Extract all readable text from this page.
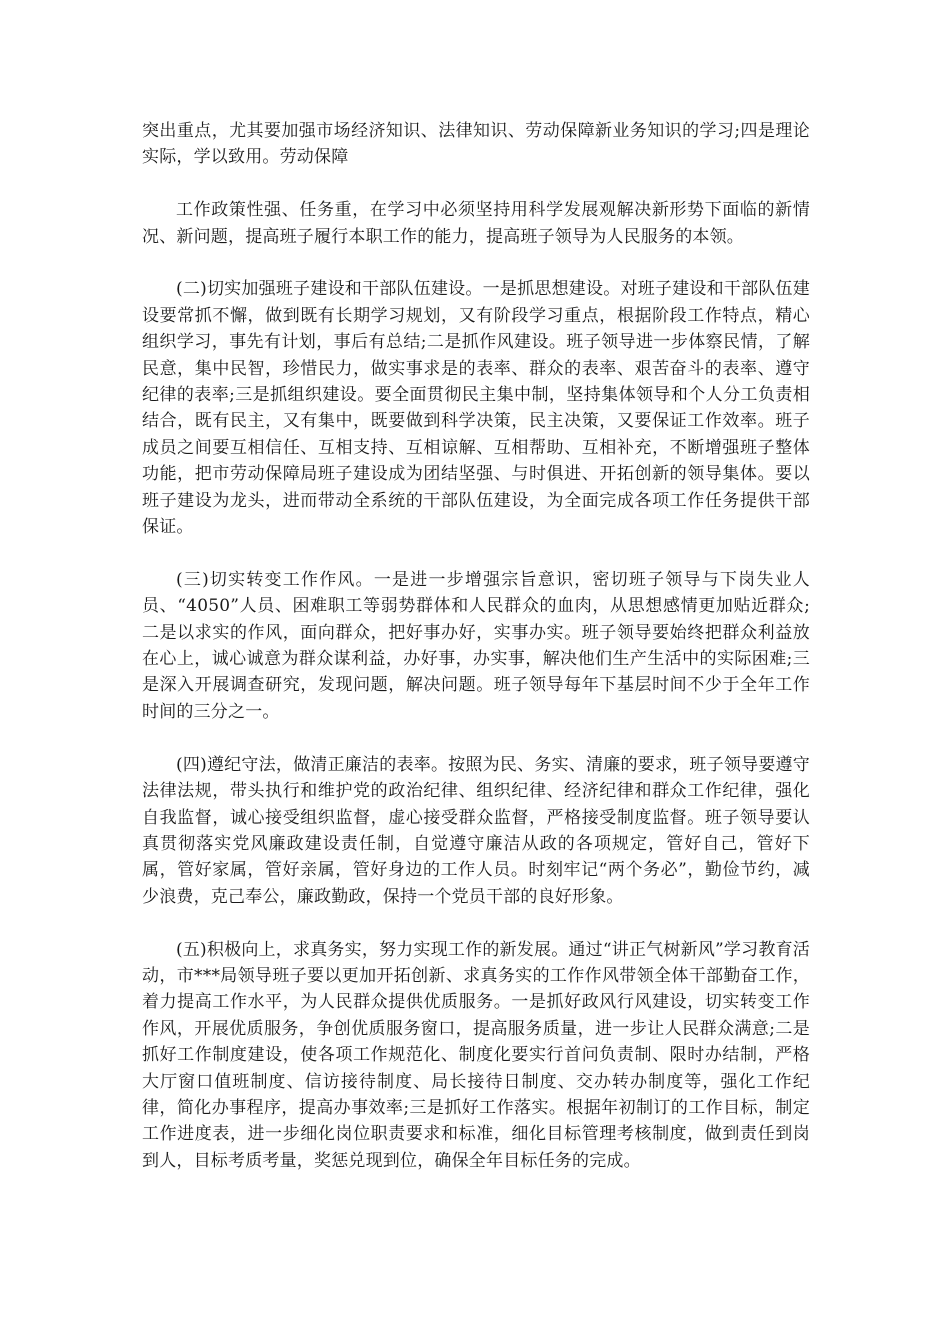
突出重点，尤其要加强市场经济知识、法律知识、劳动保障新业务知识的学习;四是理论实际，学以致用。劳动保障

工作政策性强、任务重，在学习中必须坚持用科学发展观解决新形势下面临的新情况、新问题，提高班子履行本职工作的能力，提高班子领导为人民服务的本领。

(二)切实加强班子建设和干部队伍建设。一是抓思想建设。对班子建设和干部队伍建设要常抓不懈，做到既有长期学习规划，又有阶段学习重点，根据阶段工作特点，精心组织学习，事先有计划，事后有总结;二是抓作风建设。班子领导进一步体察民情，了解民意，集中民智，珍惜民力，做实事求是的表率、群众的表率、艰苦奋斗的表率、遵守纪律的表率;三是抓组织建设。要全面贯彻民主集中制，坚持集体领导和个人分工负责相结合，既有民主，又有集中，既要做到科学决策，民主决策，又要保证工作效率。班子成员之间要互相信任、互相支持、互相谅解、互相帮助、互相补充，不断增强班子整体功能，把市劳动保障局班子建设成为团结坚强、与时俱进、开拓创新的领导集体。要以班子建设为龙头，进而带动全系统的干部队伍建设，为全面完成各项工作任务提供干部保证。

(三)切实转变工作作风。一是进一步增强宗旨意识，密切班子领导与下岗失业人员、“4050”人员、困难职工等弱势群体和人民群众的血肉，从思想感情更加贴近群众;二是以求实的作风，面向群众，把好事办好，实事办实。班子领导要始终把群众利益放在心上，诚心诚意为群众谋利益，办好事，办实事，解决他们生产生活中的实际困难;三是深入开展调查研究，发现问题，解决问题。班子领导每年下基层时间不少于全年工作时间的三分之一。

(四)遵纪守法，做清正廉洁的表率。按照为民、务实、清廉的要求，班子领导要遵守法律法规，带头执行和维护党的政治纪律、组织纪律、经济纪律和群众工作纪律，强化自我监督，诚心接受组织监督，虚心接受群众监督，严格接受制度监督。班子领导要认真贯彻落实党风廉政建设责任制，自觉遵守廉洁从政的各项规定，管好自己，管好下属，管好家属，管好亲属，管好身边的工作人员。时刻牢记“两个务必”，勤俭节约，减少浪费，克己奉公，廉政勤政，保持一个党员干部的良好形象。

(五)积极向上，求真务实，努力实现工作的新发展。通过“讲正气树新风”学习教育活动，市***局领导班子要以更加开拓创新、求真务实的工作作风带领全体干部勤奋工作，着力提高工作水平，为人民群众提供优质服务。一是抓好政风行风建设，切实转变工作作风，开展优质服务，争创优质服务窗口，提高服务质量，进一步让人民群众满意;二是抓好工作制度建设，使各项工作规范化、制度化要实行首问负责制、限时办结制，严格大厅窗口值班制度、信访接待制度、局长接待日制度、交办转办制度等，强化工作纪律，简化办事程序，提高办事效率;三是抓好工作落实。根据年初制订的工作目标，制定工作进度表，进一步细化岗位职责要求和标准，细化目标管理考核制度，做到责任到岗到人，目标考质考量，奖惩兑现到位，确保全年目标任务的完成。
